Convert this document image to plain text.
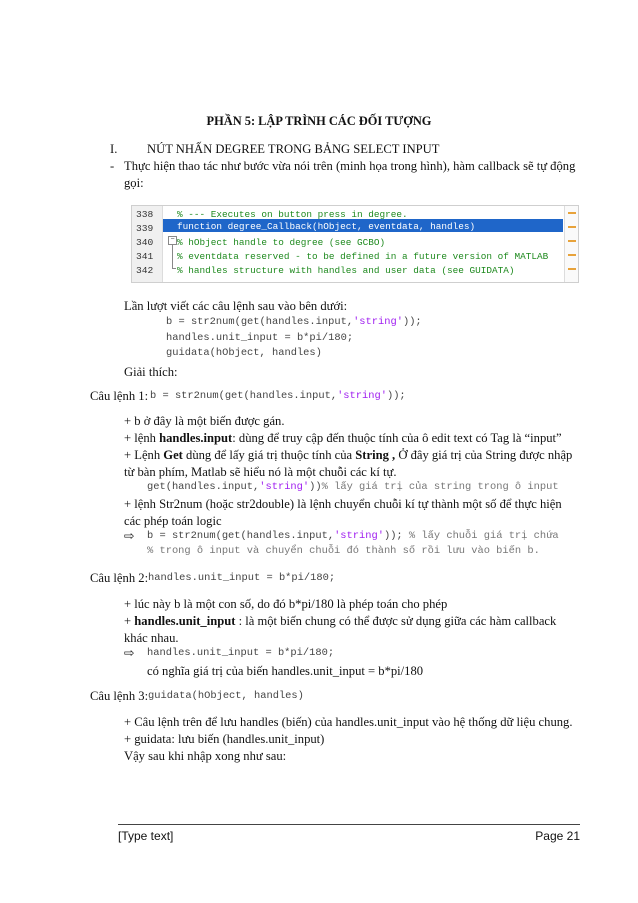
PHẦN 5: LẬP TRÌNH CÁC ĐỐI TƯỢNG
I. NÚT NHẤN DEGREE TRONG BẢNG SELECT INPUT
- Thực hiện thao tác như bước vừa nói trên (minh họa trong hình), hàm callback sẽ tự động
gọi:
338
339
340
341
342
−
% --- Executes on button press in degree.
function degree_Callback(hObject, eventdata, handles)
% hObject handle to degree (see GCBO)
% eventdata reserved - to be defined in a future version of MATLAB
% handles structure with handles and user data (see GUIDATA)
Lần lượt viết các câu lệnh sau vào bên dưới:
b = str2num(get(handles.input,'string'));
handles.unit_input = b*pi/180;
guidata(hObject, handles)
Giải thích:
Câu lệnh 1: b = str2num(get(handles.input,'string'));
+ b ở đây là một biến được gán.
+ lệnh handles.input: dùng để truy cập đến thuộc tính của ô edit text có Tag là “input”
+ Lệnh Get dùng để lấy giá trị thuộc tính của String , Ở đây giá trị của String được nhập
từ bàn phím, Matlab sẽ hiểu nó là một chuỗi các kí tự.
get(handles.input,'string'))% lấy giá trị của string trong ô input
+ lệnh Str2num (hoặc str2double) là lệnh chuyển chuỗi kí tự thành một số để thực hiện
các phép toán logic
⇨ b = str2num(get(handles.input,'string')); % lấy chuỗi giá trị chứa
% trong ô input và chuyển chuỗi đó thành số rồi lưu vào biến b.
Câu lệnh 2: handles.unit_input = b*pi/180;
+ lúc này b là một con số, do đó b*pi/180 là phép toán cho phép
+ handles.unit_input : là một biến chung có thể được sử dụng giữa các hàm callback
khác nhau.
⇨ handles.unit_input = b*pi/180;
có nghĩa giá trị của biến handles.unit_input = b*pi/180
Câu lệnh 3: guidata(hObject, handles)
+ Câu lệnh trên để lưu handles (biến) của handles.unit_input vào hệ thống dữ liệu chung.
+ guidata: lưu biến (handles.unit_input)
Vậy sau khi nhập xong như sau:
[Type text]	Page 21
